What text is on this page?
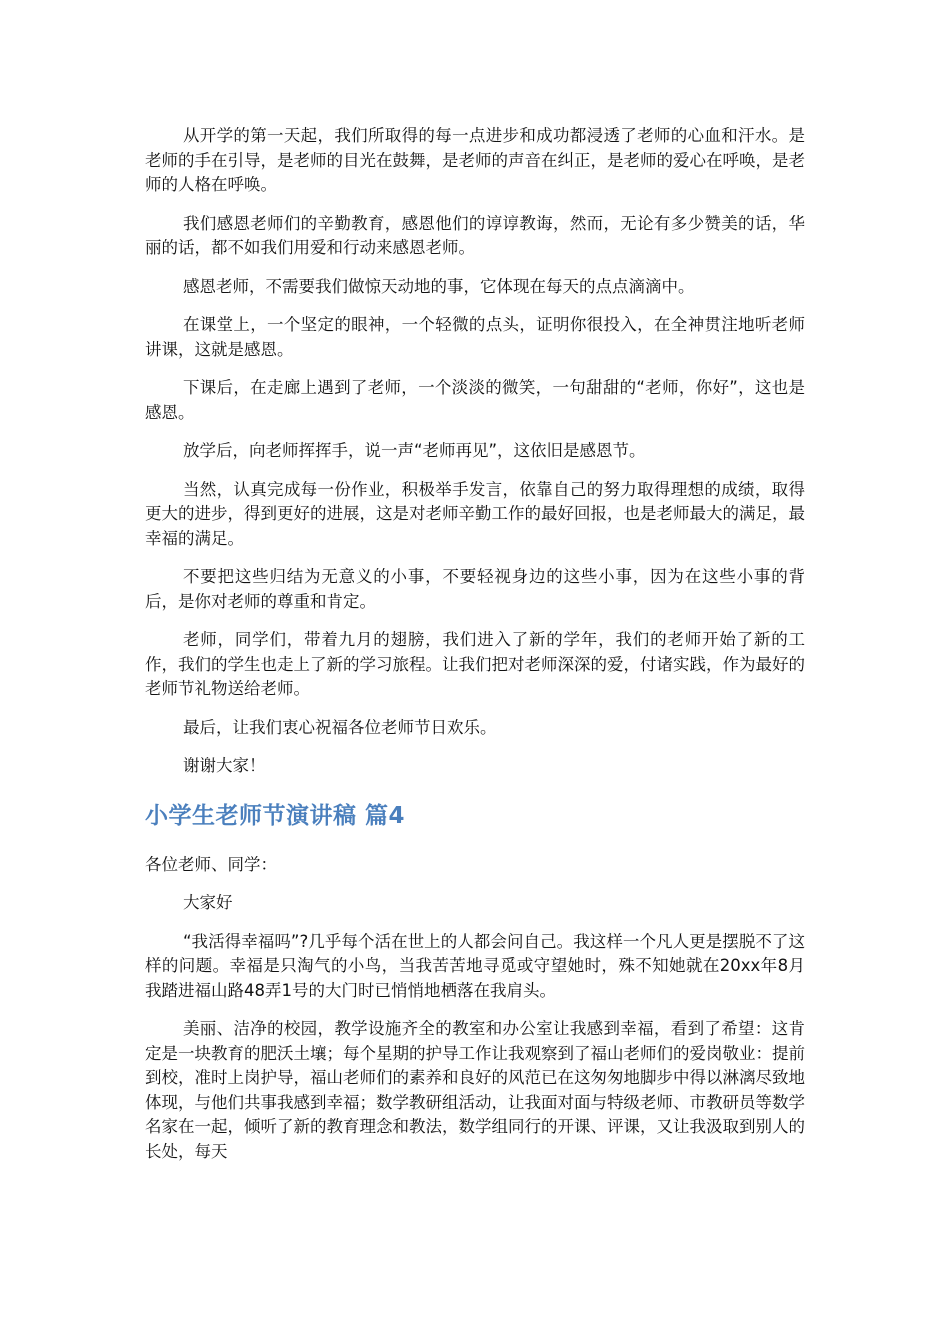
从开学的第一天起，我们所取得的每一点进步和成功都浸透了老师的心血和汗水。是老师的手在引导，是老师的目光在鼓舞，是老师的声音在纠正，是老师的爱心在呼唤，是老师的人格在呼唤。

我们感恩老师们的辛勤教育，感恩他们的谆谆教诲，然而，无论有多少赞美的话，华丽的话，都不如我们用爱和行动来感恩老师。

感恩老师，不需要我们做惊天动地的事，它体现在每天的点点滴滴中。

在课堂上，一个坚定的眼神，一个轻微的点头，证明你很投入，在全神贯注地听老师讲课，这就是感恩。

下课后，在走廊上遇到了老师，一个淡淡的微笑，一句甜甜的“老师，你好”，这也是感恩。

放学后，向老师挥挥手，说一声“老师再见”，这依旧是感恩节。

当然，认真完成每一份作业，积极举手发言，依靠自己的努力取得理想的成绩，取得更大的进步，得到更好的进展，这是对老师辛勤工作的最好回报，也是老师最大的满足，最幸福的满足。

不要把这些归结为无意义的小事，不要轻视身边的这些小事，因为在这些小事的背后，是你对老师的尊重和肯定。

老师，同学们，带着九月的翅膀，我们进入了新的学年，我们的老师开始了新的工作，我们的学生也走上了新的学习旅程。让我们把对老师深深的爱，付诸实践，作为最好的老师节礼物送给老师。

最后，让我们衷心祝福各位老师节日欢乐。

谢谢大家！

小学生老师节演讲稿 篇4

各位老师、同学：

大家好

“我活得幸福吗”?几乎每个活在世上的人都会问自己。我这样一个凡人更是摆脱不了这样的问题。幸福是只淘气的小鸟，当我苦苦地寻觅或守望她时，殊不知她就在20xx年8月我踏进福山路48弄1号的大门时已悄悄地栖落在我肩头。

美丽、洁净的校园，教学设施齐全的教室和办公室让我感到幸福，看到了希望：这肯定是一块教育的肥沃土壤；每个星期的护导工作让我观察到了福山老师们的爱岗敬业：提前到校，准时上岗护导，福山老师们的素养和良好的风范已在这匆匆地脚步中得以淋漓尽致地体现，与他们共事我感到幸福；数学教研组活动，让我面对面与特级老师、市教研员等数学名家在一起，倾听了新的教育理念和教法，数学组同行的开课、评课，又让我汲取到别人的长处，每天
